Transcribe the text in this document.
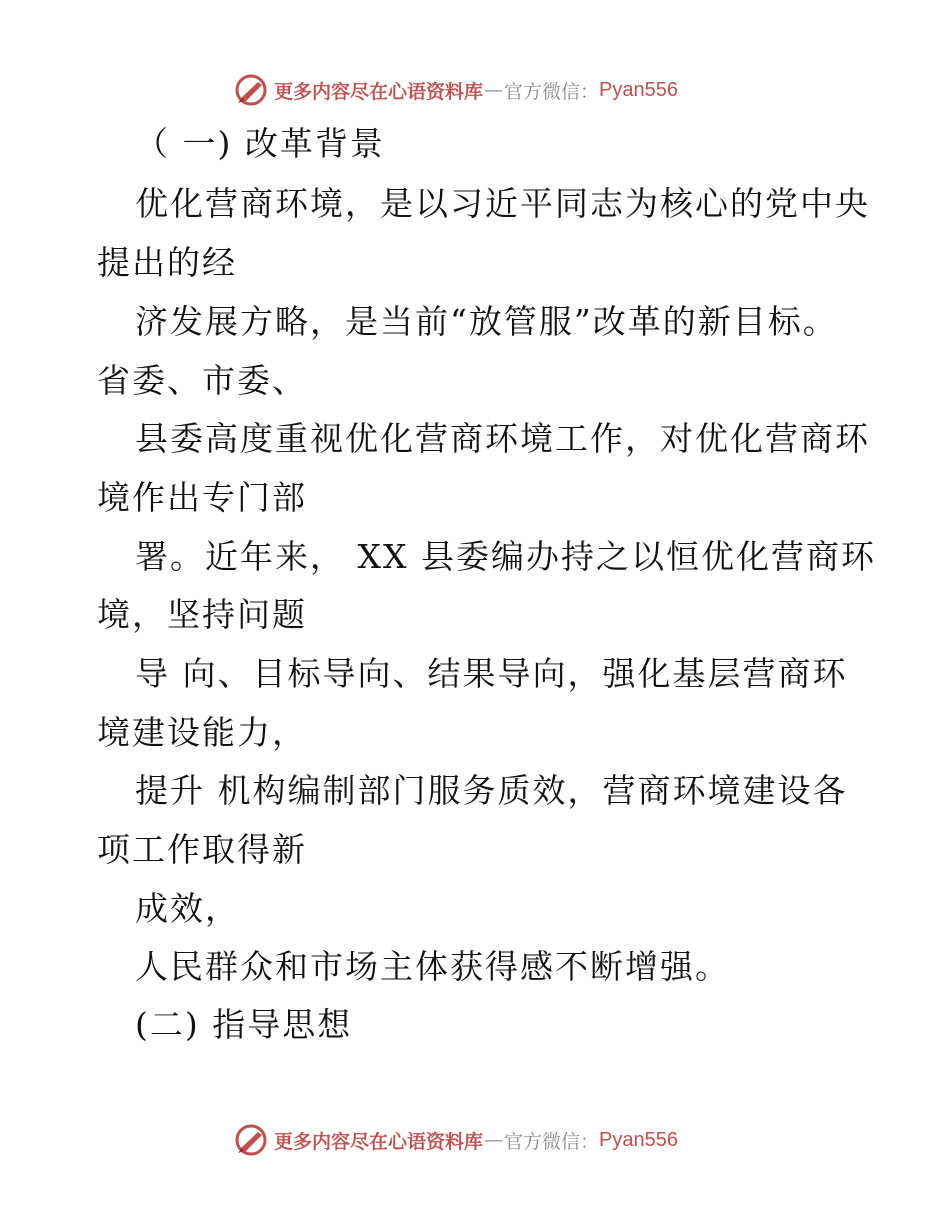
更多内容尽在心语资料库 — 官方微信： Pyan556
（ 一) 改革背景
优化营商环境，是以习近平同志为核心的党中央
提出的经
济发展方略，是当前“放管服”改革的新目标。
省委、市委、
县委高度重视优化营商环境工作，对优化营商环
境作出专门部
署。近年来， XX 县委编办持之以恒优化营商环
境，坚持问题
导 向、目标导向、结果导向，强化基层营商环
境建设能力，
提升 机构编制部门服务质效，营商环境建设各
项工作取得新
成效，
人民群众和市场主体获得感不断增强。
(二) 指导思想
更多内容尽在心语资料库 — 官方微信： Pyan556
